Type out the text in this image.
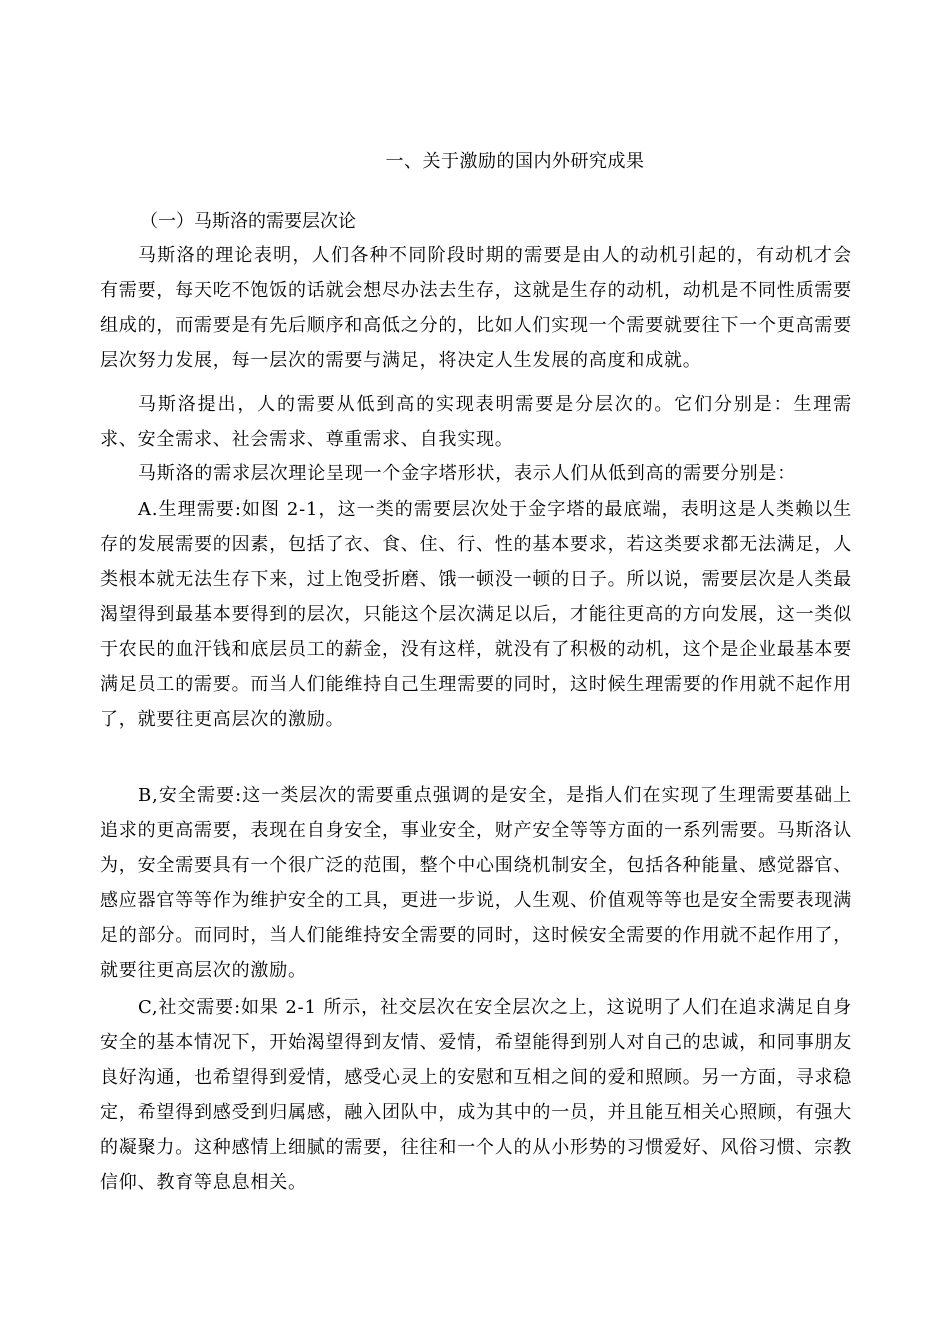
一、关于激励的国内外研究成果
（一）马斯洛的需要层次论

马斯洛的理论表明，人们各种不同阶段时期的需要是由人的动机引起的，有动机才会有需要，每天吃不饱饭的话就会想尽办法去生存，这就是生存的动机，动机是不同性质需要组成的，而需要是有先后顺序和高低之分的，比如人们实现一个需要就要往下一个更高需要层次努力发展，每一层次的需要与满足，将决定人生发展的高度和成就。

马斯洛提出，人的需要从低到高的实现表明需要是分层次的。它们分别是：生理需求、安全需求、社会需求、尊重需求、自我实现。

马斯洛的需求层次理论呈现一个金字塔形状，表示人们从低到高的需要分别是：

A.生理需要:如图 2-1，这一类的需要层次处于金字塔的最底端，表明这是人类赖以生存的发展需要的因素，包括了衣、食、住、行、性的基本要求，若这类要求都无法满足，人类根本就无法生存下来，过上饱受折磨、饿一顿没一顿的日子。所以说，需要层次是人类最渴望得到最基本要得到的层次，只能这个层次满足以后，才能往更高的方向发展，这一类似于农民的血汗钱和底层员工的薪金，没有这样，就没有了积极的动机，这个是企业最基本要满足员工的需要。而当人们能维持自己生理需要的同时，这时候生理需要的作用就不起作用了，就要往更高层次的激励。

B,安全需要:这一类层次的需要重点强调的是安全，是指人们在实现了生理需要基础上追求的更高需要，表现在自身安全，事业安全，财产安全等等方面的一系列需要。马斯洛认为，安全需要具有一个很广泛的范围，整个中心围绕机制安全，包括各种能量、感觉器官、感应器官等等作为维护安全的工具，更进一步说，人生观、价值观等等也是安全需要表现满足的部分。而同时，当人们能维持安全需要的同时，这时候安全需要的作用就不起作用了，就要往更高层次的激励。

C,社交需要:如果 2-1 所示，社交层次在安全层次之上，这说明了人们在追求满足自身安全的基本情况下，开始渴望得到友情、爱情，希望能得到别人对自己的忠诚，和同事朋友良好沟通，也希望得到爱情，感受心灵上的安慰和互相之间的爱和照顾。另一方面，寻求稳定，希望得到感受到归属感，融入团队中，成为其中的一员，并且能互相关心照顾，有强大的凝聚力。这种感情上细腻的需要，往往和一个人的从小形势的习惯爱好、风俗习惯、宗教信仰、教育等息息相关。
